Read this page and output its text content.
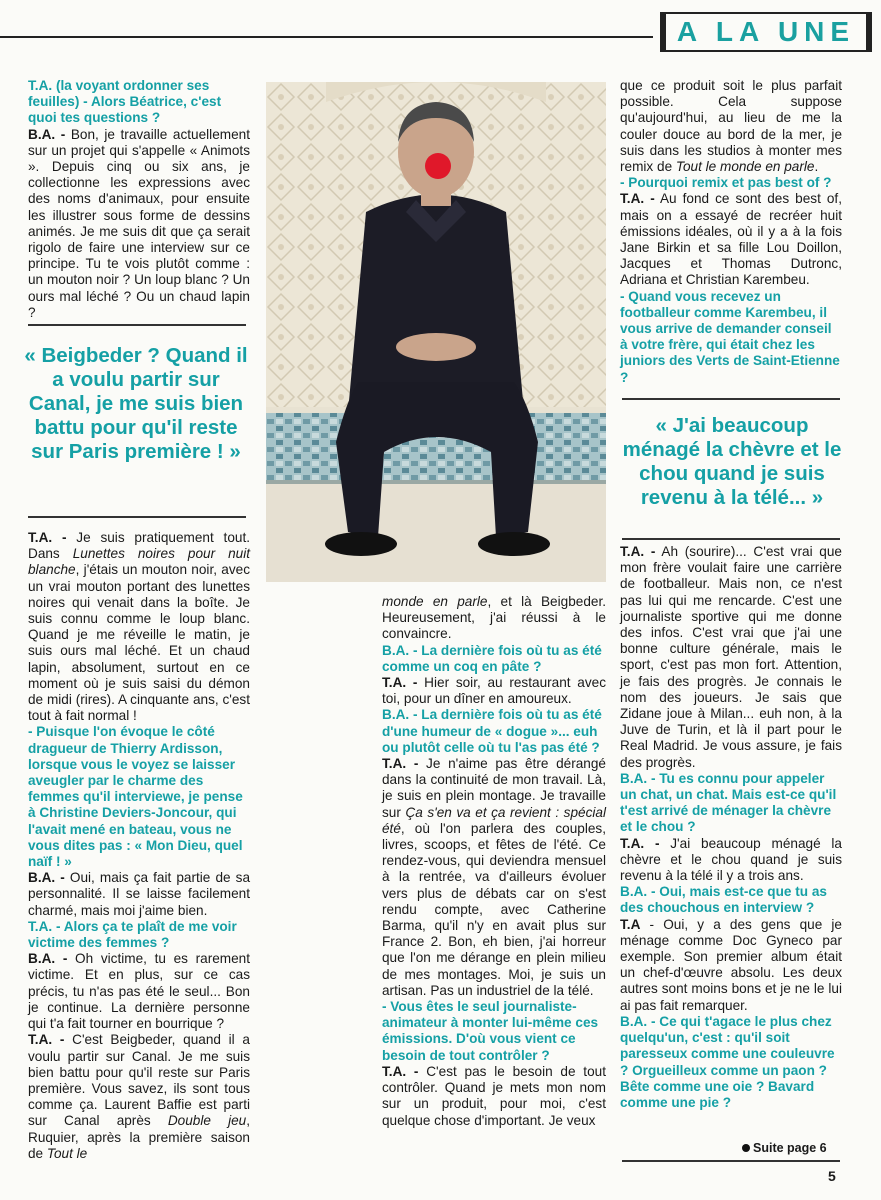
A LA UNE

T.A. (la voyant ordonner ses feuilles) - Alors Béatrice, c'est quoi tes questions ?

B.A. - Bon, je travaille actuellement sur un projet qui s'appelle « Animots ». Depuis cinq ou six ans, je collectionne les expressions avec des noms d'animaux, pour ensuite les illustrer sous forme de dessins animés. Je me suis dit que ça serait rigolo de faire une interview sur ce principe. Tu te vois plutôt comme : un mouton noir ? Un loup blanc ? Un ours mal léché ? Ou un chaud lapin ?

« Beigbeder ? Quand il a voulu partir sur Canal, je me suis bien battu pour qu'il reste sur Paris première ! »

T.A. - Je suis pratiquement tout. Dans Lunettes noires pour nuit blanche, j'étais un mouton noir, avec un vrai mouton portant des lunettes noires qui venait dans la boîte. Je suis connu comme le loup blanc. Quand je me réveille le matin, je suis ours mal léché. Et un chaud lapin, absolument, surtout en ce moment où je suis saisi du démon de midi (rires). A cinquante ans, c'est tout à fait normal !

- Puisque l'on évoque le côté dragueur de Thierry Ardisson, lorsque vous le voyez se laisser aveugler par le charme des femmes qu'il interviewe, je pense à Christine Deviers-Joncour, qui l'avait mené en bateau, vous ne vous dites pas : « Mon Dieu, quel naïf ! »

B.A. - Oui, mais ça fait partie de sa personnalité. Il se laisse facilement charmé, mais moi j'aime bien.

T.A. - Alors ça te plaît de me voir victime des femmes ?

B.A. - Oh victime, tu es rarement victime. Et en plus, sur ce cas précis, tu n'as pas été le seul... Bon je continue. La dernière personne qui t'a fait tourner en bourrique ?

T.A. - C'est Beigbeder, quand il a voulu partir sur Canal. Je me suis bien battu pour qu'il reste sur Paris première. Vous savez, ils sont tous comme ça. Laurent Baffie est parti sur Canal après Double jeu, Ruquier, après la première saison de Tout le

monde en parle, et là Beigbeder. Heureusement, j'ai réussi à le convaincre.

B.A. - La dernière fois où tu as été comme un coq en pâte ?

T.A. - Hier soir, au restaurant avec toi, pour un dîner en amoureux.

B.A. - La dernière fois où tu as été d'une humeur de « dogue »... euh ou plutôt celle où tu l'as pas été ?

T.A. - Je n'aime pas être dérangé dans la continuité de mon travail. Là, je suis en plein montage. Je travaille sur Ça s'en va et ça revient : spécial été, où l'on parlera des couples, livres, scoops, et fêtes de l'été. Ce rendez-vous, qui deviendra mensuel à la rentrée, va d'ailleurs évoluer vers plus de débats car on s'est rendu compte, avec Catherine Barma, qu'il n'y en avait plus sur France 2. Bon, eh bien, j'ai horreur que l'on me dérange en plein milieu de mes montages. Moi, je suis un artisan. Pas un industriel de la télé.

- Vous êtes le seul journaliste-animateur à monter lui-même ces émissions. D'où vous vient ce besoin de tout contrôler ?

T.A. - C'est pas le besoin de tout contrôler. Quand je mets mon nom sur un produit, pour moi, c'est quelque chose d'important. Je veux

que ce produit soit le plus parfait possible. Cela suppose qu'aujourd'hui, au lieu de me la couler douce au bord de la mer, je suis dans les studios à monter mes remix de Tout le monde en parle.

- Pourquoi remix et pas best of ?

T.A. - Au fond ce sont des best of, mais on a essayé de recréer huit émissions idéales, où il y a à la fois Jane Birkin et sa fille Lou Doillon, Jacques et Thomas Dutronc, Adriana et Christian Karembeu.

- Quand vous recevez un footballeur comme Karembeu, il vous arrive de demander conseil à votre frère, qui était chez les juniors des Verts de Saint-Etienne ?

« J'ai beaucoup ménagé la chèvre et le chou quand je suis revenu à la télé... »

T.A. - Ah (sourire)... C'est vrai que mon frère voulait faire une carrière de footballeur. Mais non, ce n'est pas lui qui me rencarde. C'est une journaliste sportive qui me donne des infos. C'est vrai que j'ai une bonne culture générale, mais le sport, c'est pas mon fort. Attention, je fais des progrès. Je connais le nom des joueurs. Je sais que Zidane joue à Milan... euh non, à la Juve de Turin, et là il part pour le Real Madrid. Je vous assure, je fais des progrès.

B.A. - Tu es connu pour appeler un chat, un chat. Mais est-ce qu'il t'est arrivé de ménager la chèvre et le chou ?

T.A. - J'ai beaucoup ménagé la chèvre et le chou quand je suis revenu à la télé il y a trois ans.

B.A. - Oui, mais est-ce que tu as des chouchous en interview ?

T.A - Oui, y a des gens que je ménage comme Doc Gyneco par exemple. Son premier album était un chef-d'œuvre absolu. Les deux autres sont moins bons et je ne le lui ai pas fait remarquer.

B.A. - Ce qui t'agace le plus chez quelqu'un, c'est : qu'il soit paresseux comme une couleuvre ? Orgueilleux comme un paon ? Bête comme une oie ? Bavard comme une pie ?

Suite page 6
5
